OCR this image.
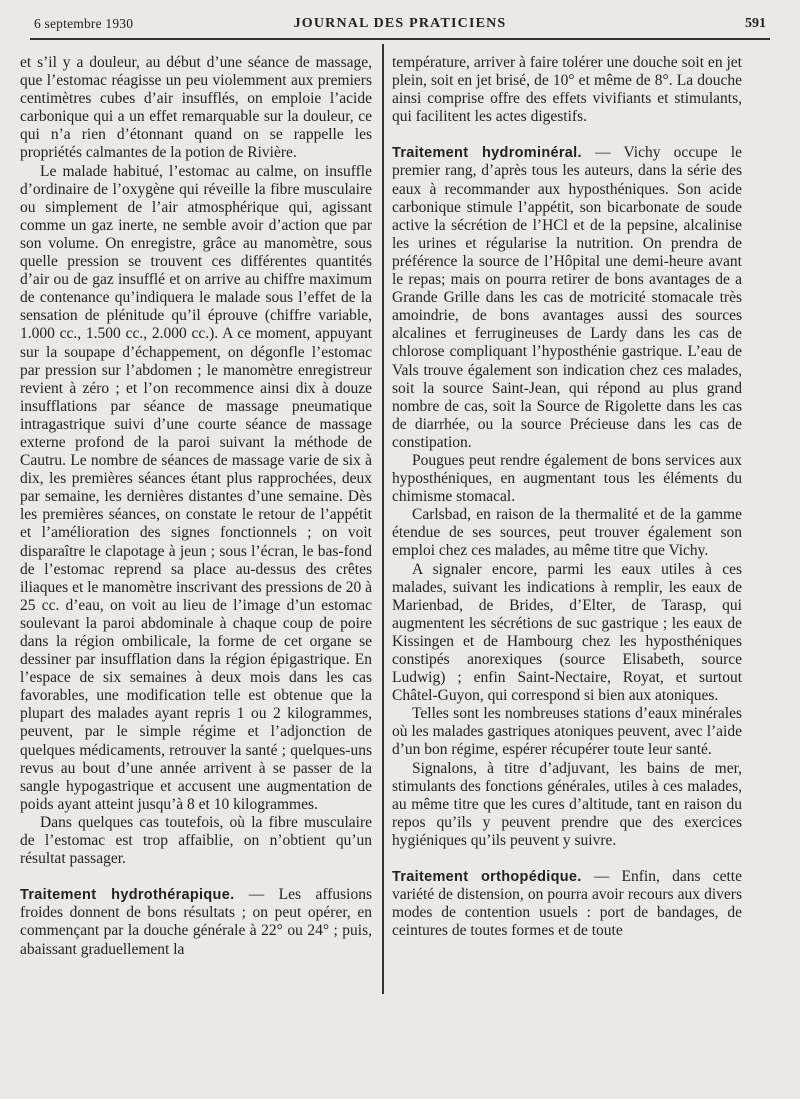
6 septembre 1930	JOURNAL DES PRATICIENS	591

et s’il y a douleur, au début d’une séance de massage, que l’estomac réagisse un peu violemment aux premiers centimètres cubes d’air insufflés, on emploie l’acide carbonique qui a un effet remarquable sur la douleur, ce qui n’a rien d’étonnant quand on se rappelle les propriétés calmantes de la potion de Rivière.

Le malade habitué, l’estomac au calme, on insuffle d’ordinaire de l’oxygène qui réveille la fibre musculaire ou simplement de l’air atmosphérique qui, agissant comme un gaz inerte, ne semble avoir d’action que par son volume. On enregistre, grâce au manomètre, sous quelle pression se trouvent ces différentes quantités d’air ou de gaz insufflé et on arrive au chiffre maximum de contenance qu’indiquera le malade sous l’effet de la sensation de plénitude qu’il éprouve (chiffre variable, 1.000 cc., 1.500 cc., 2.000 cc.). A ce moment, appuyant sur la soupape d’échappement, on dégonfle l’estomac par pression sur l’abdomen ; le manomètre enregistreur revient à zéro ; et l’on recommence ainsi dix à douze insufflations par séance de massage pneumatique intragastrique suivi d’une courte séance de massage externe profond de la paroi suivant la méthode de Cautru. Le nombre de séances de massage varie de six à dix, les premières séances étant plus rapprochées, deux par semaine, les dernières distantes d’une semaine. Dès les premières séances, on constate le retour de l’appétit et l’amélioration des signes fonctionnels ; on voit disparaître le clapotage à jeun ; sous l’écran, le bas-fond de l’estomac reprend sa place au-dessus des crêtes iliaques et le manomètre inscrivant des pressions de 20 à 25 cc. d’eau, on voit au lieu de l’image d’un estomac soulevant la paroi abdominale à chaque coup de poire dans la région ombilicale, la forme de cet organe se dessiner par insufflation dans la région épigastrique. En l’espace de six semaines à deux mois dans les cas favorables, une modification telle est obtenue que la plupart des malades ayant repris 1 ou 2 kilogrammes, peuvent, par le simple régime et l’adjonction de quelques médicaments, retrouver la santé ; quelques-uns revus au bout d’une année arrivent à se passer de la sangle hypogastrique et accusent une augmentation de poids ayant atteint jusqu’à 8 et 10 kilogrammes.

Dans quelques cas toutefois, où la fibre musculaire de l’estomac est trop affaiblie, on n’obtient qu’un résultat passager.

Traitement hydrothérapique. — Les affusions froides donnent de bons résultats ; on peut opérer, en commençant par la douche générale à 22° ou 24° ; puis, abaissant graduellement la

température, arriver à faire tolérer une douche soit en jet plein, soit en jet brisé, de 10° et même de 8°. La douche ainsi comprise offre des effets vivifiants et stimulants, qui facilitent les actes digestifs.

Traitement hydrominéral. — Vichy occupe le premier rang, d’après tous les auteurs, dans la série des eaux à recommander aux hyposthéniques. Son acide carbonique stimule l’appétit, son bicarbonate de soude active la sécrétion de l’HCl et de la pepsine, alcalinise les urines et régularise la nutrition. On prendra de préférence la source de l’Hôpital une demi-heure avant le repas; mais on pourra retirer de bons avantages de a Grande Grille dans les cas de motricité stomacale très amoindrie, de bons avantages aussi des sources alcalines et ferrugineuses de Lardy dans les cas de chlorose compliquant l’hyposthénie gastrique. L’eau de Vals trouve également son indication chez ces malades, soit la source Saint-Jean, qui répond au plus grand nombre de cas, soit la Source de Rigolette dans les cas de diarrhée, ou la source Précieuse dans les cas de constipation.

Pougues peut rendre également de bons services aux hyposthéniques, en augmentant tous les éléments du chimisme stomacal.

Carlsbad, en raison de la thermalité et de la gamme étendue de ses sources, peut trouver également son emploi chez ces malades, au même titre que Vichy.

A signaler encore, parmi les eaux utiles à ces malades, suivant les indications à remplir, les eaux de Marienbad, de Brides, d’Elter, de Tarasp, qui augmentent les sécrétions de suc gastrique ; les eaux de Kissingen et de Hambourg chez les hyposthéniques constipés anorexiques (source Elisabeth, source Ludwig) ; enfin Saint-Nectaire, Royat, et surtout Châtel-Guyon, qui correspond si bien aux atoniques.

Telles sont les nombreuses stations d’eaux minérales où les malades gastriques atoniques peuvent, avec l’aide d’un bon régime, espérer récupérer toute leur santé.

Signalons, à titre d’adjuvant, les bains de mer, stimulants des fonctions générales, utiles à ces malades, au même titre que les cures d’altitude, tant en raison du repos qu’ils y peuvent prendre que des exercices hygiéniques qu’ils peuvent y suivre.

Traitement orthopédique. — Enfin, dans cette variété de distension, on pourra avoir recours aux divers modes de contention usuels : port de bandages, de ceintures de toutes formes et de toute
